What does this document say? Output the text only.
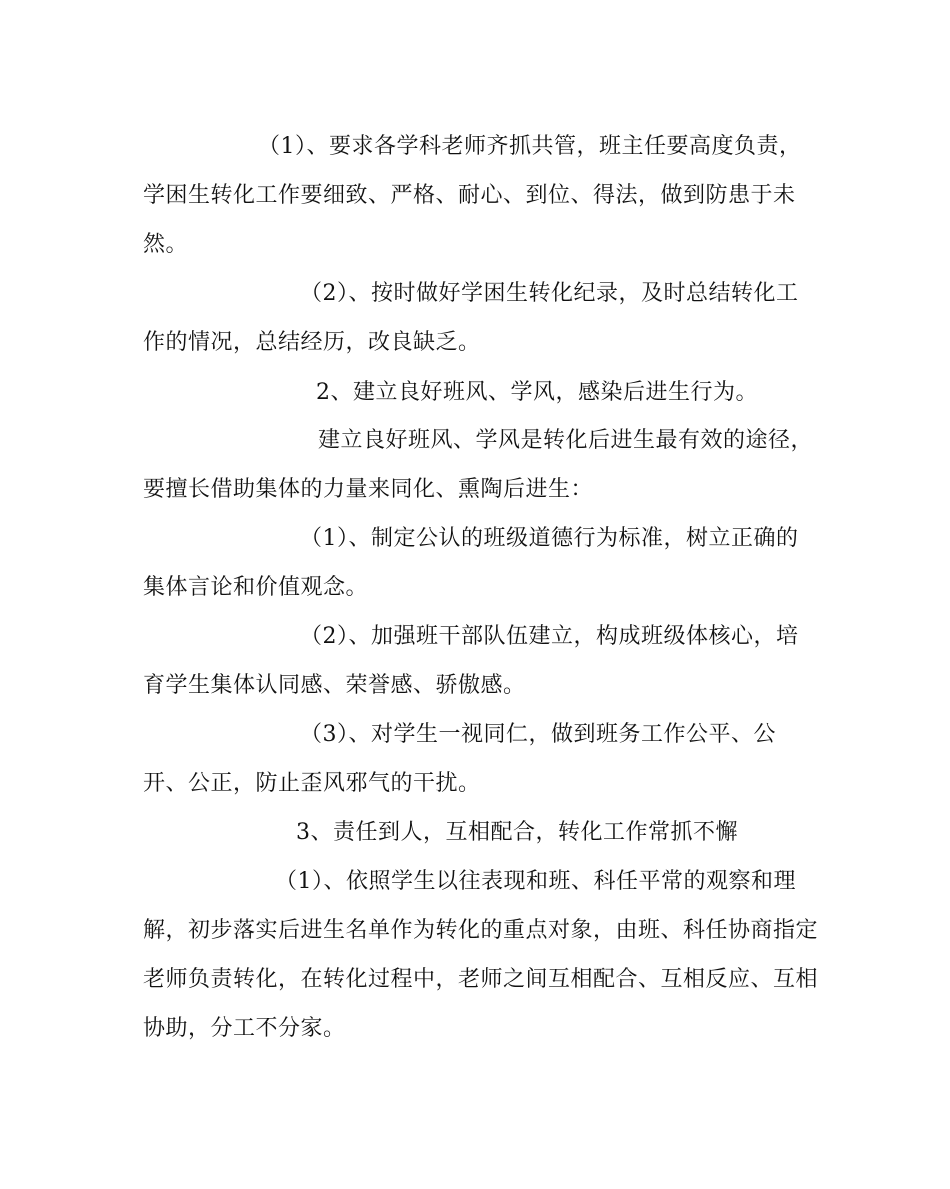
（1）、要求各学科老师齐抓共管，班主任要高度负责，
学困生转化工作要细致、严格、耐心、到位、得法，做到防患于未
然。
（2）、按时做好学困生转化纪录，及时总结转化工
作的情况，总结经历，改良缺乏。
2、建立良好班风、学风，感染后进生行为。
建立良好班风、学风是转化后进生最有效的途径，
要擅长借助集体的力量来同化、熏陶后进生：
（1）、制定公认的班级道德行为标准，树立正确的
集体言论和价值观念。
（2）、加强班干部队伍建立，构成班级体核心，培
育学生集体认同感、荣誉感、骄傲感。
（3）、对学生一视同仁，做到班务工作公平、公
开、公正，防止歪风邪气的干扰。
3、责任到人，互相配合，转化工作常抓不懈
（1）、依照学生以往表现和班、科任平常的观察和理
解，初步落实后进生名单作为转化的重点对象，由班、科任协商指定
老师负责转化，在转化过程中，老师之间互相配合、互相反应、互相
协助，分工不分家。
